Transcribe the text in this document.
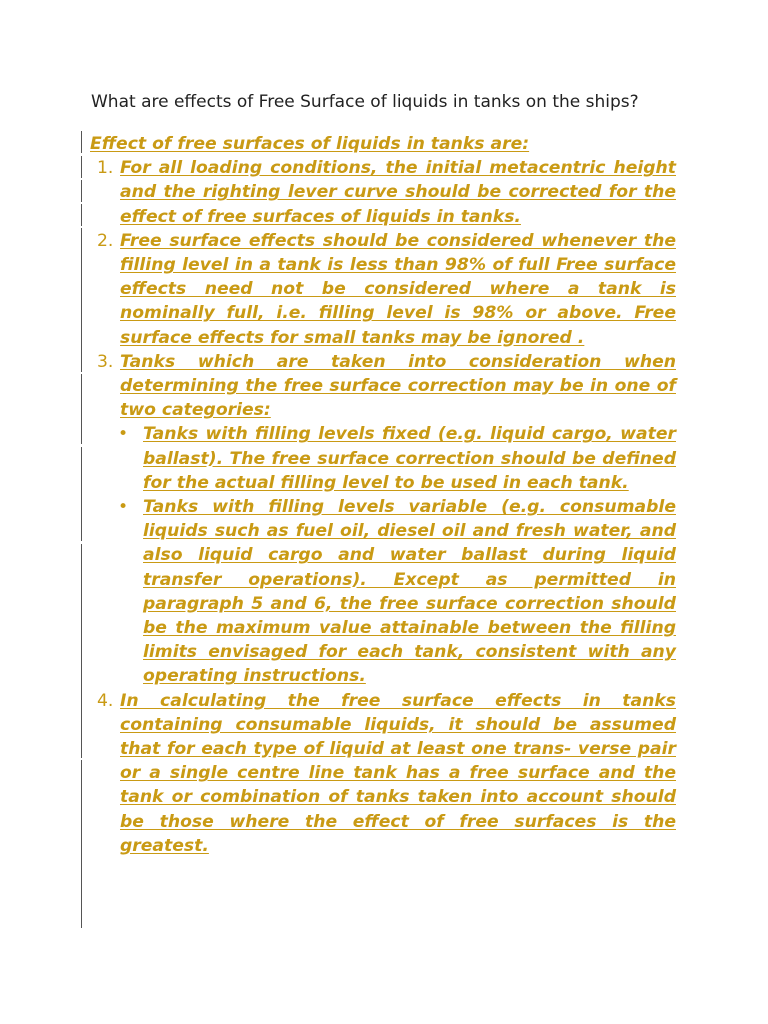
What are effects of Free Surface of liquids in tanks on the ships?
Effect of free surfaces of liquids in tanks are:
1. For all loading conditions, the initial metacentric height and the righting lever curve should be corrected for the effect of free surfaces of liquids in tanks.
2. Free surface effects should be considered whenever the filling level in a tank is less than 98% of full Free surface effects need not be considered where a tank is nominally full, i.e. filling level is 98% or above. Free surface effects for small tanks may be ignored .
3. Tanks which are taken into consideration when determining the free surface correction may be in one of two categories:
• Tanks with filling levels fixed (e.g. liquid cargo, water ballast). The free surface correction should be defined for the actual filling level to be used in each tank.
• Tanks with filling levels variable (e.g. consumable liquids such as fuel oil, diesel oil and fresh water, and also liquid cargo and water ballast during liquid transfer operations). Except as permitted in paragraph 5 and 6, the free surface correction should be the maximum value attainable between the filling limits envisaged for each tank, consistent with any operating instructions.
4. In calculating the free surface effects in tanks containing consumable liquids, it should be assumed that for each type of liquid at least one trans- verse pair or a single centre line tank has a free surface and the tank or combination of tanks taken into account should be those where the effect of free surfaces is the greatest.
